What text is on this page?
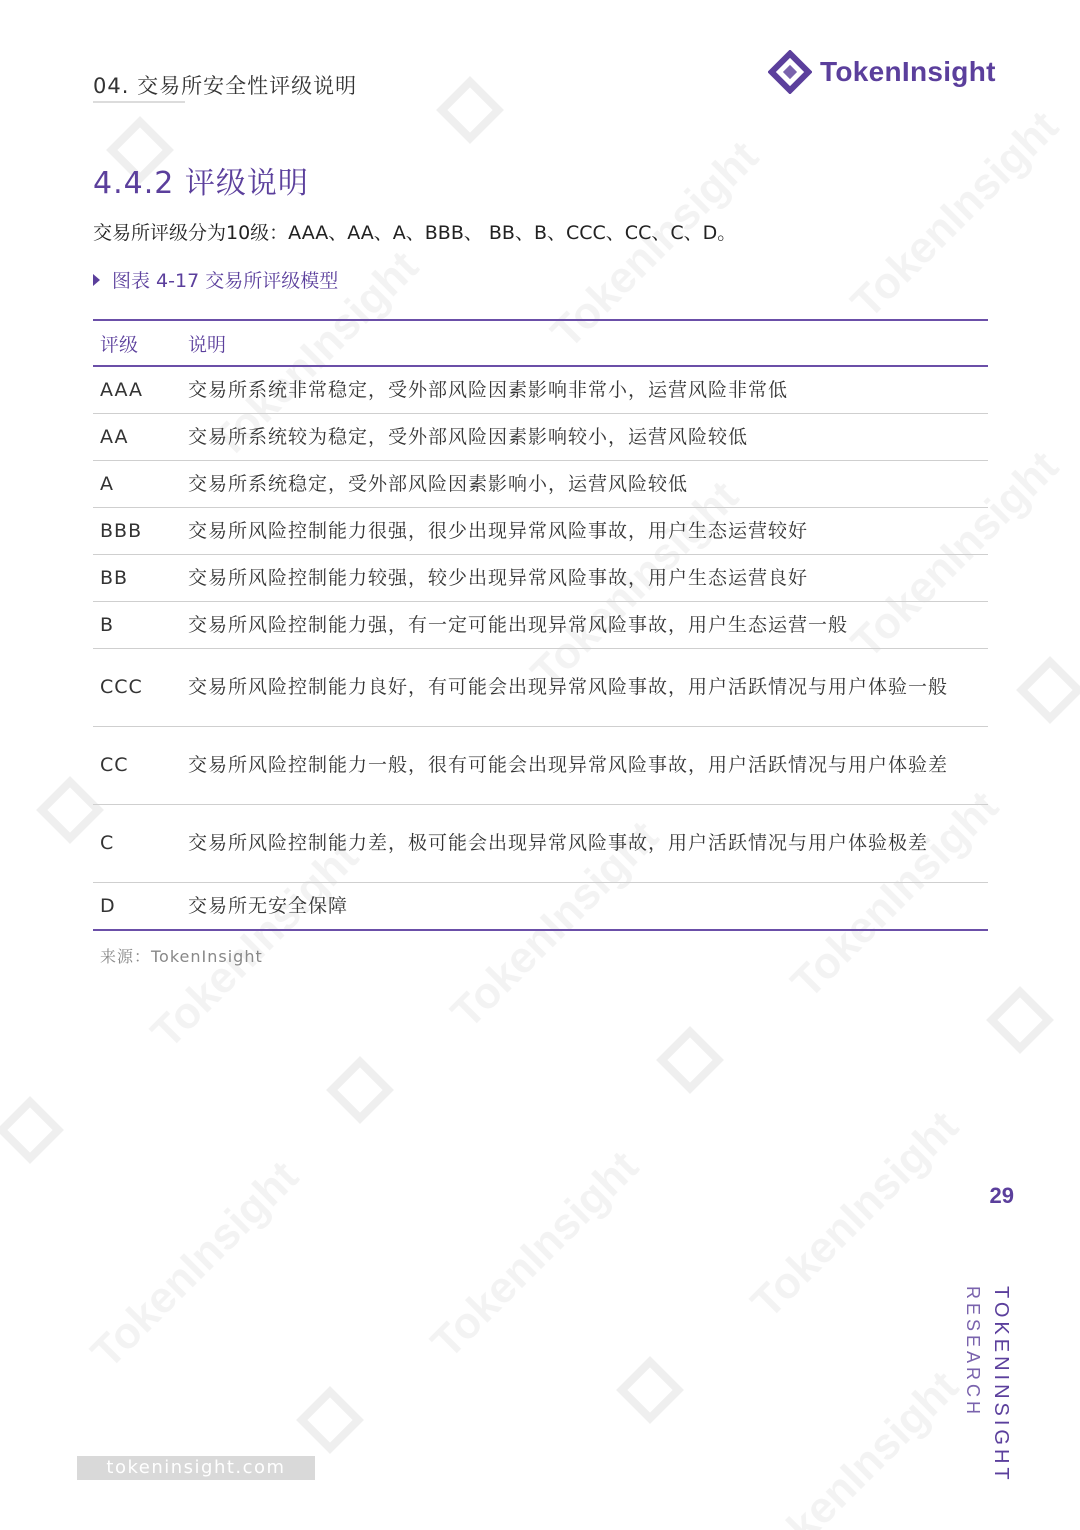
04. 交易所安全性评级说明	TokenInsight
4.4.2 评级说明
交易所评级分为10级：AAA、AA、A、BBB、 BB、B、CCC、CC、C、D。
图表 4-17 交易所评级模型
评级	说明
AAA	交易所系统非常稳定，受外部风险因素影响非常小，运营风险非常低
AA	交易所系统较为稳定，受外部风险因素影响较小，运营风险较低
A	交易所系统稳定，受外部风险因素影响小，运营风险较低
BBB	交易所风险控制能力很强，很少出现异常风险事故，用户生态运营较好
BB	交易所风险控制能力较强，较少出现异常风险事故，用户生态运营良好
B	交易所风险控制能力强，有一定可能出现异常风险事故，用户生态运营一般
CCC	交易所风险控制能力良好，有可能会出现异常风险事故，用户活跃情况与用户体验一般
CC	交易所风险控制能力一般，很有可能会出现异常风险事故，用户活跃情况与用户体验差
C	交易所风险控制能力差，极可能会出现异常风险事故，用户活跃情况与用户体验极差
D	交易所无安全保障
来源：TokenInsight
29
TOKENINSIGHT
RESEARCH
tokeninsight.com
